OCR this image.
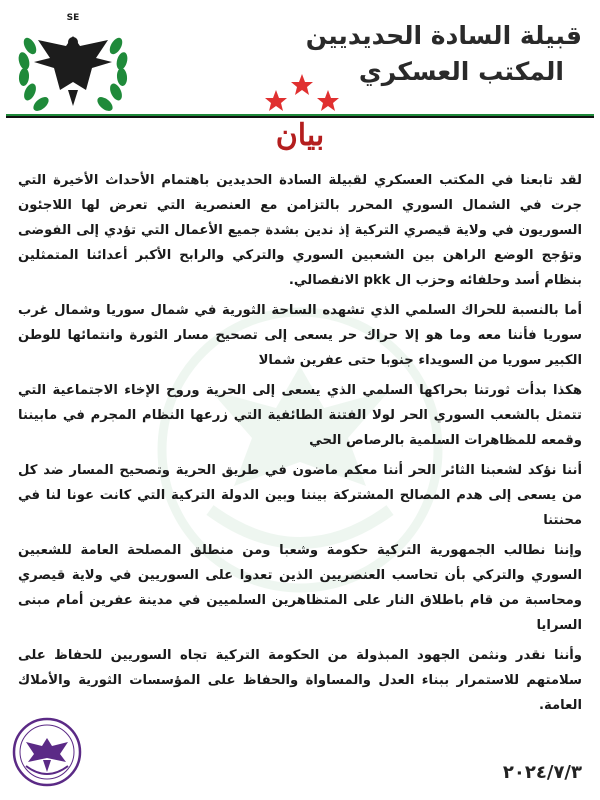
SE
قبيلة السادة الحديديين
المكتب العسكري
بيان

لقد تابعنا في المكتب العسكري لقبيلة السادة الحديدين باهتمام الأحداث الأخيرة التي جرت في الشمال السوري المحرر بالتزامن مع العنصرية التي تعرض لها اللاجئون السوريون في ولاية قيصري التركية إذ ندين بشدة جميع الأعمال التي تؤدي إلى الفوضى وتؤجج الوضع الراهن بين الشعبين السوري والتركي والرابح الأكبر أعدائنا المتمثلين بنظام أسد وحلفائه وحزب ال pkk الانفصالي.

أما بالنسبة للحراك السلمي الذي تشهده الساحة الثورية في شمال سوريا وشمال غرب سوريا فأننا معه وما هو إلا حراك حر يسعى إلى تصحيح مسار الثورة وانتمائها للوطن الكبير سوريا من السويداء جنوبا حتى عفرين شمالا

هكذا بدأت ثورتنا بحراكها السلمي الذي يسعى إلى الحرية وروح الإخاء الاجتماعية التي تتمثل بالشعب السوري الحر لولا الفتنة الطائفية التي زرعها النظام المجرم في مابيننا وقمعه للمظاهرات السلمية بالرصاص الحي

أننا نؤكد لشعبنا الثائر الحر أننا معكم ماضون في طريق الحرية وتصحيح المسار ضد كل من يسعى إلى هدم المصالح المشتركة بيننا وبين الدولة التركية التي كانت عونا لنا في محنتنا

وإننا نطالب الجمهورية التركية حكومة وشعبا ومن منطلق المصلحة العامة للشعبين السوري والتركي بأن تحاسب العنصريين الذين تعدوا على السوريين في ولاية قيصري ومحاسبة من قام باطلاق النار على المتظاهرين السلميين في مدينة عفرين أمام مبنى السرايا

وأننا نقدر ونثمن الجهود المبذولة من الحكومة التركية تجاه السوريين للحفاظ على سلامتهم للاستمرار ببناء العدل والمساواة والحفاظ على المؤسسات الثورية والأملاك العامة.

٢٠٢٤/٧/٣
